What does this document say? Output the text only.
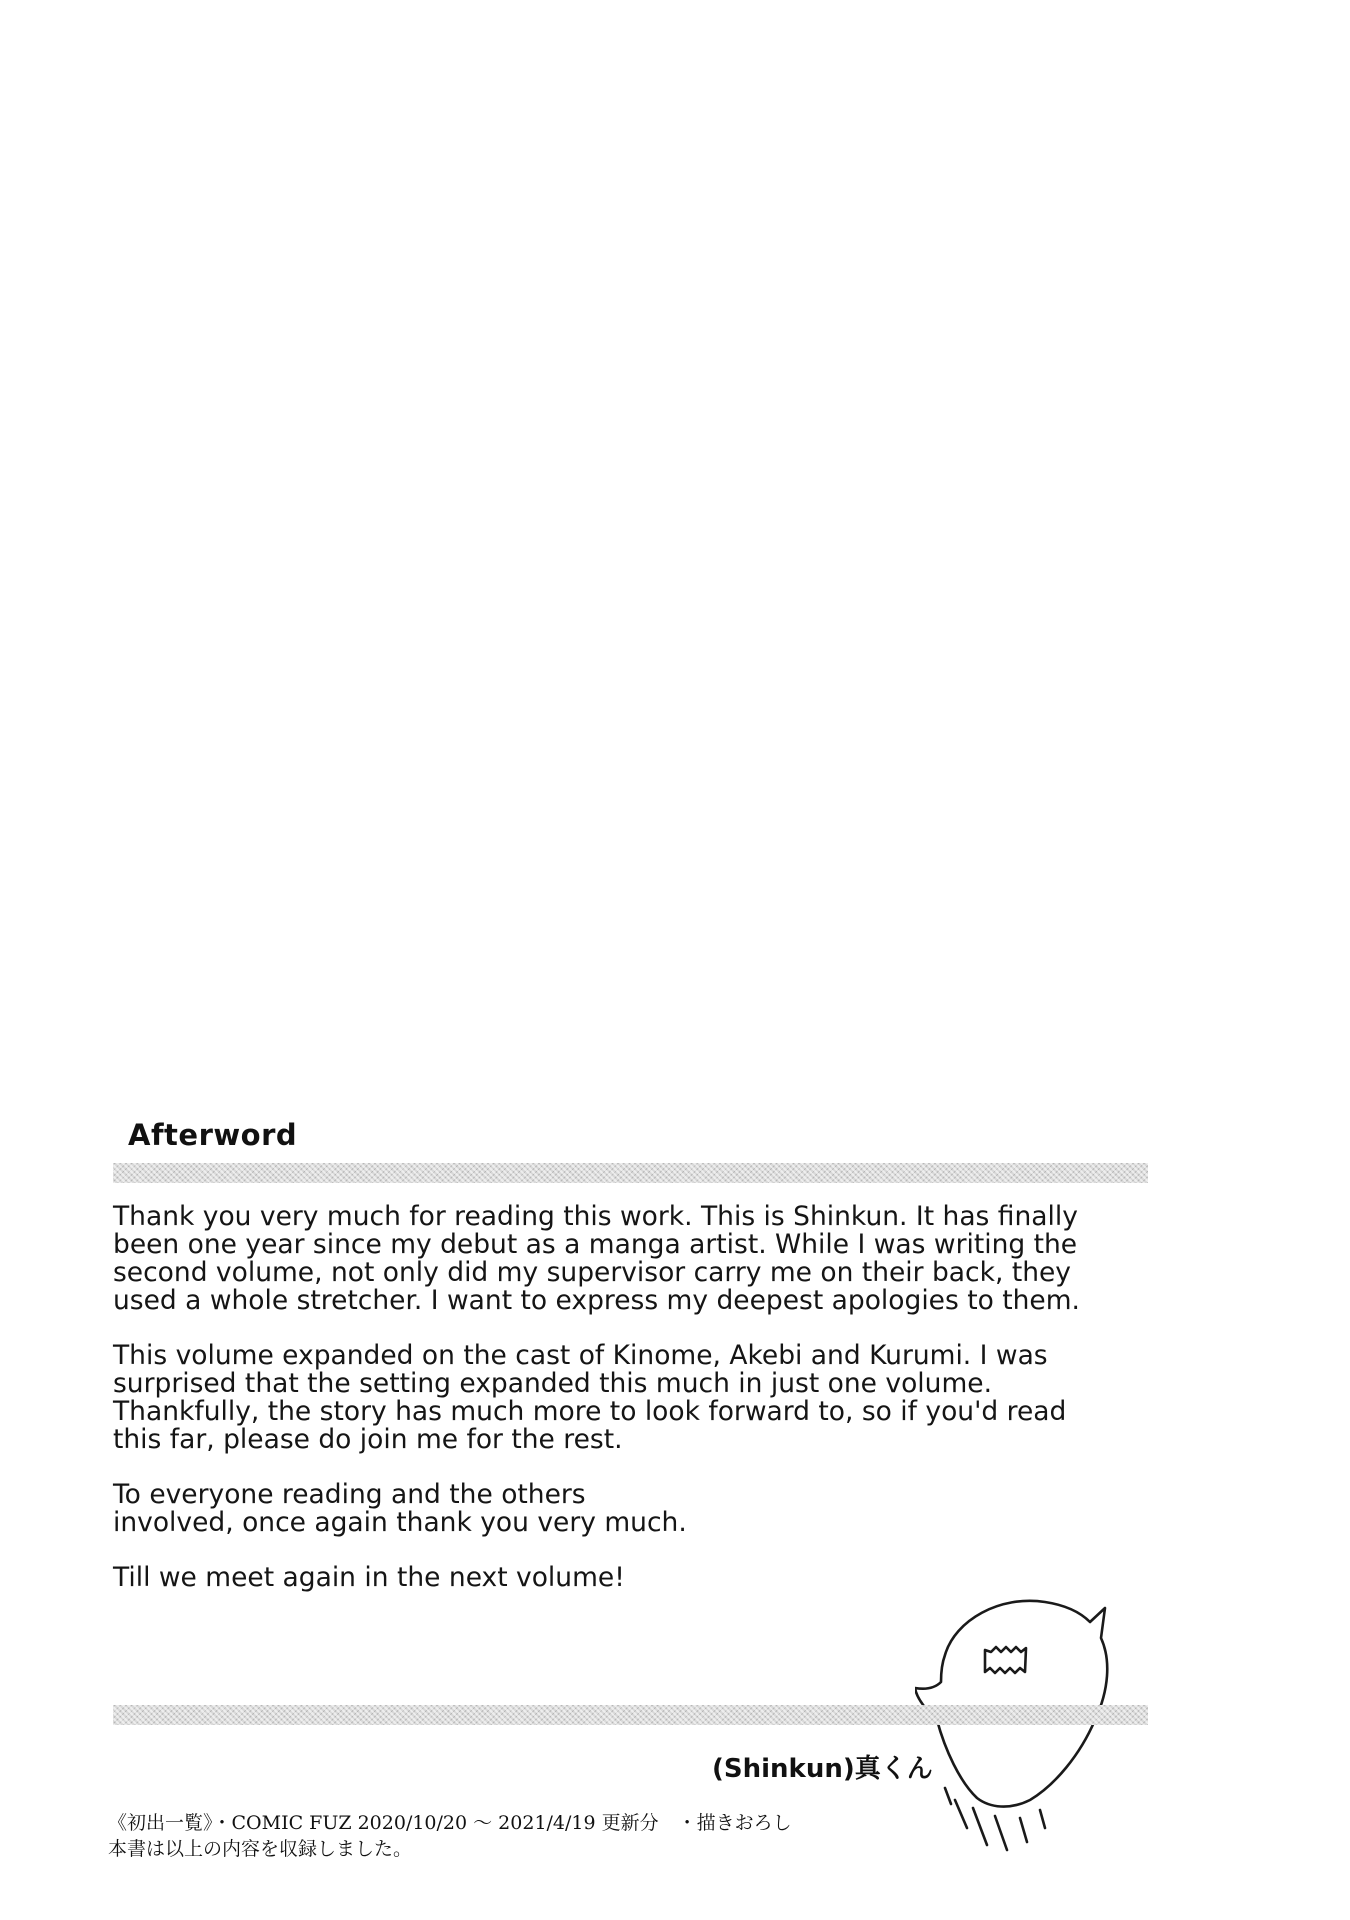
Afterword

Thank you very much for reading this work. This is Shinkun. It has finally
been one year since my debut as a manga artist. While I was writing the
second volume, not only did my supervisor carry me on their back, they
used a whole stretcher. I want to express my deepest apologies to them.

This volume expanded on the cast of Kinome, Akebi and Kurumi. I was
surprised that the setting expanded this much in just one volume.
Thankfully, the story has much more to look forward to, so if you'd read
this far, please do join me for the rest.

To everyone reading and the others
involved, once again thank you very much.

Till we meet again in the next volume!

(Shinkun)真くん
《初出一覧》・COMIC FUZ 2020/10/20 ～ 2021/4/19 更新分　・描きおろし
本書は以上の内容を収録しました。
